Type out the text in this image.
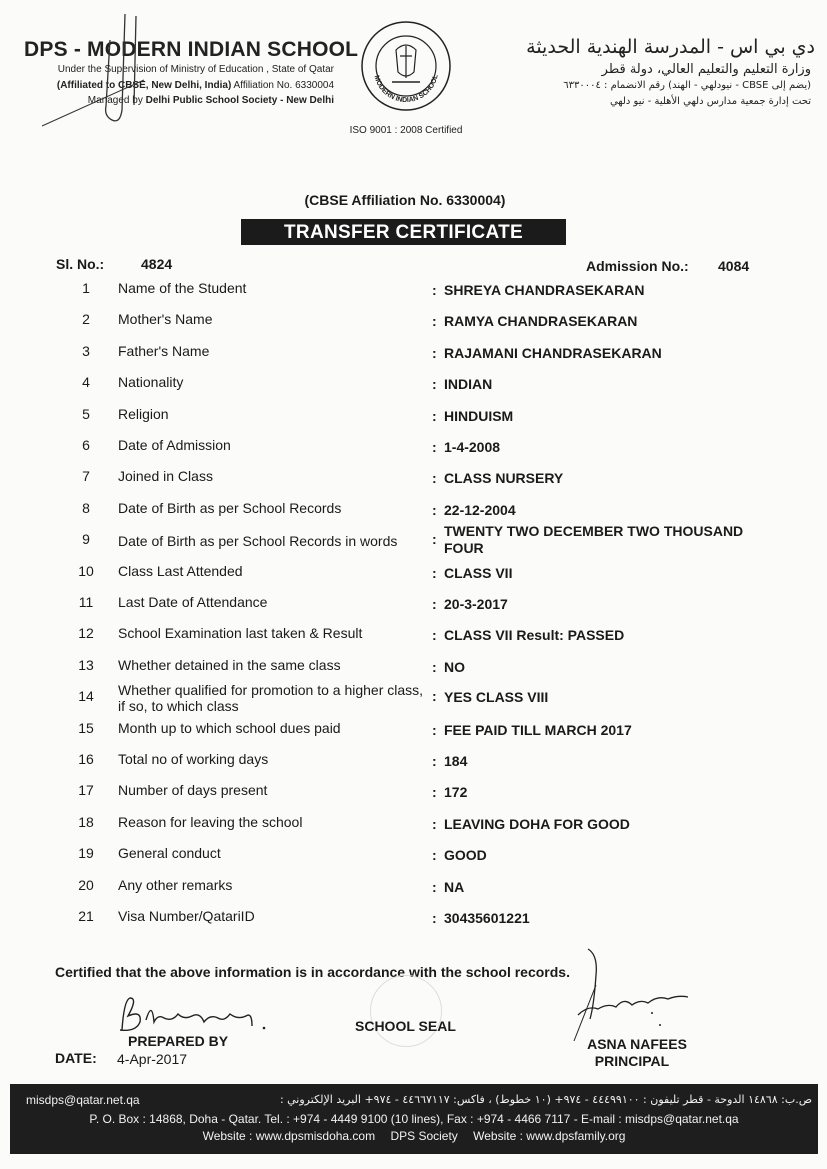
DPS - MODERN INDIAN SCHOOL
Under the Supervision of Ministry of Education , State of Qatar
(Affiliated to CBSE, New Delhi, India) Affiliation No. 6330004
Managed by Delhi Public School Society - New Delhi
MODERN INDIAN SCHOOL
ISO 9001 : 2008 Certified
دي بي اس - المدرسة الهندية الحديثة
وزارة التعليم والتعليم العالي، دولة قطر
(يضم إلى CBSE - نيودلهي - الهند) رقم الانضمام : ٦٣٣٠٠٠٤
تحت إدارة جمعية مدارس دلهي الأهلية - نيو دلهي
(CBSE Affiliation No. 6330004)
TRANSFER CERTIFICATE
Sl. No.:	4824	Admission No.: 4084
1	Name of the Student	: SHREYA CHANDRASEKARAN
2	Mother's Name	: RAMYA CHANDRASEKARAN
3	Father's Name	: RAJAMANI CHANDRASEKARAN
4	Nationality	: INDIAN
5	Religion	: HINDUISM
6	Date of Admission	: 1-4-2008
7	Joined in Class	: CLASS NURSERY
8	Date of Birth as per School Records	: 22-12-2004
9	Date of Birth as per School Records in words	: TWENTY TWO DECEMBER TWO THOUSAND FOUR
10	Class Last Attended	: CLASS VII
11	Last Date of Attendance	: 20-3-2017
12	School Examination last taken & Result	: CLASS VII Result: PASSED
13	Whether detained in the same class	: NO
14	Whether qualified for promotion to a higher class, if so, to which class
: YES CLASS VIII
15	Month up to which school dues paid	: FEE PAID TILL MARCH 2017
16	Total no of working days	: 184
17	Number of days present	: 172
18	Reason for leaving the school	: LEAVING DOHA FOR GOOD
19	General conduct	: GOOD
20	Any other remarks	: NA
21	Visa Number/QatariID	: 30435601221
Certified that the above information is in accordance with the school records.
PREPARED BY
SCHOOL SEAL
DATE: 4-Apr-2017
ASNA NAFEES
PRINCIPAL
misdps@qatar.net.qa	ص.ب: ١٤٨٦٨ الدوحة - قطر تليفون : ٤٤٤٩٩١٠٠ - ٩٧٤+ (١٠ خطوط) ، فاكس: ٤٤٦٦٧١١٧ - ٩٧٤+ البريد الإلكتروني :
P. O. Box : 14868, Doha - Qatar. Tel. : +974 - 4449 9100 (10 lines), Fax : +974 - 4466 7117 - E-mail : misdps@qatar.net.qa
Website : www.dpsmisdoha.com DPS Society Website : www.dpsfamily.org
